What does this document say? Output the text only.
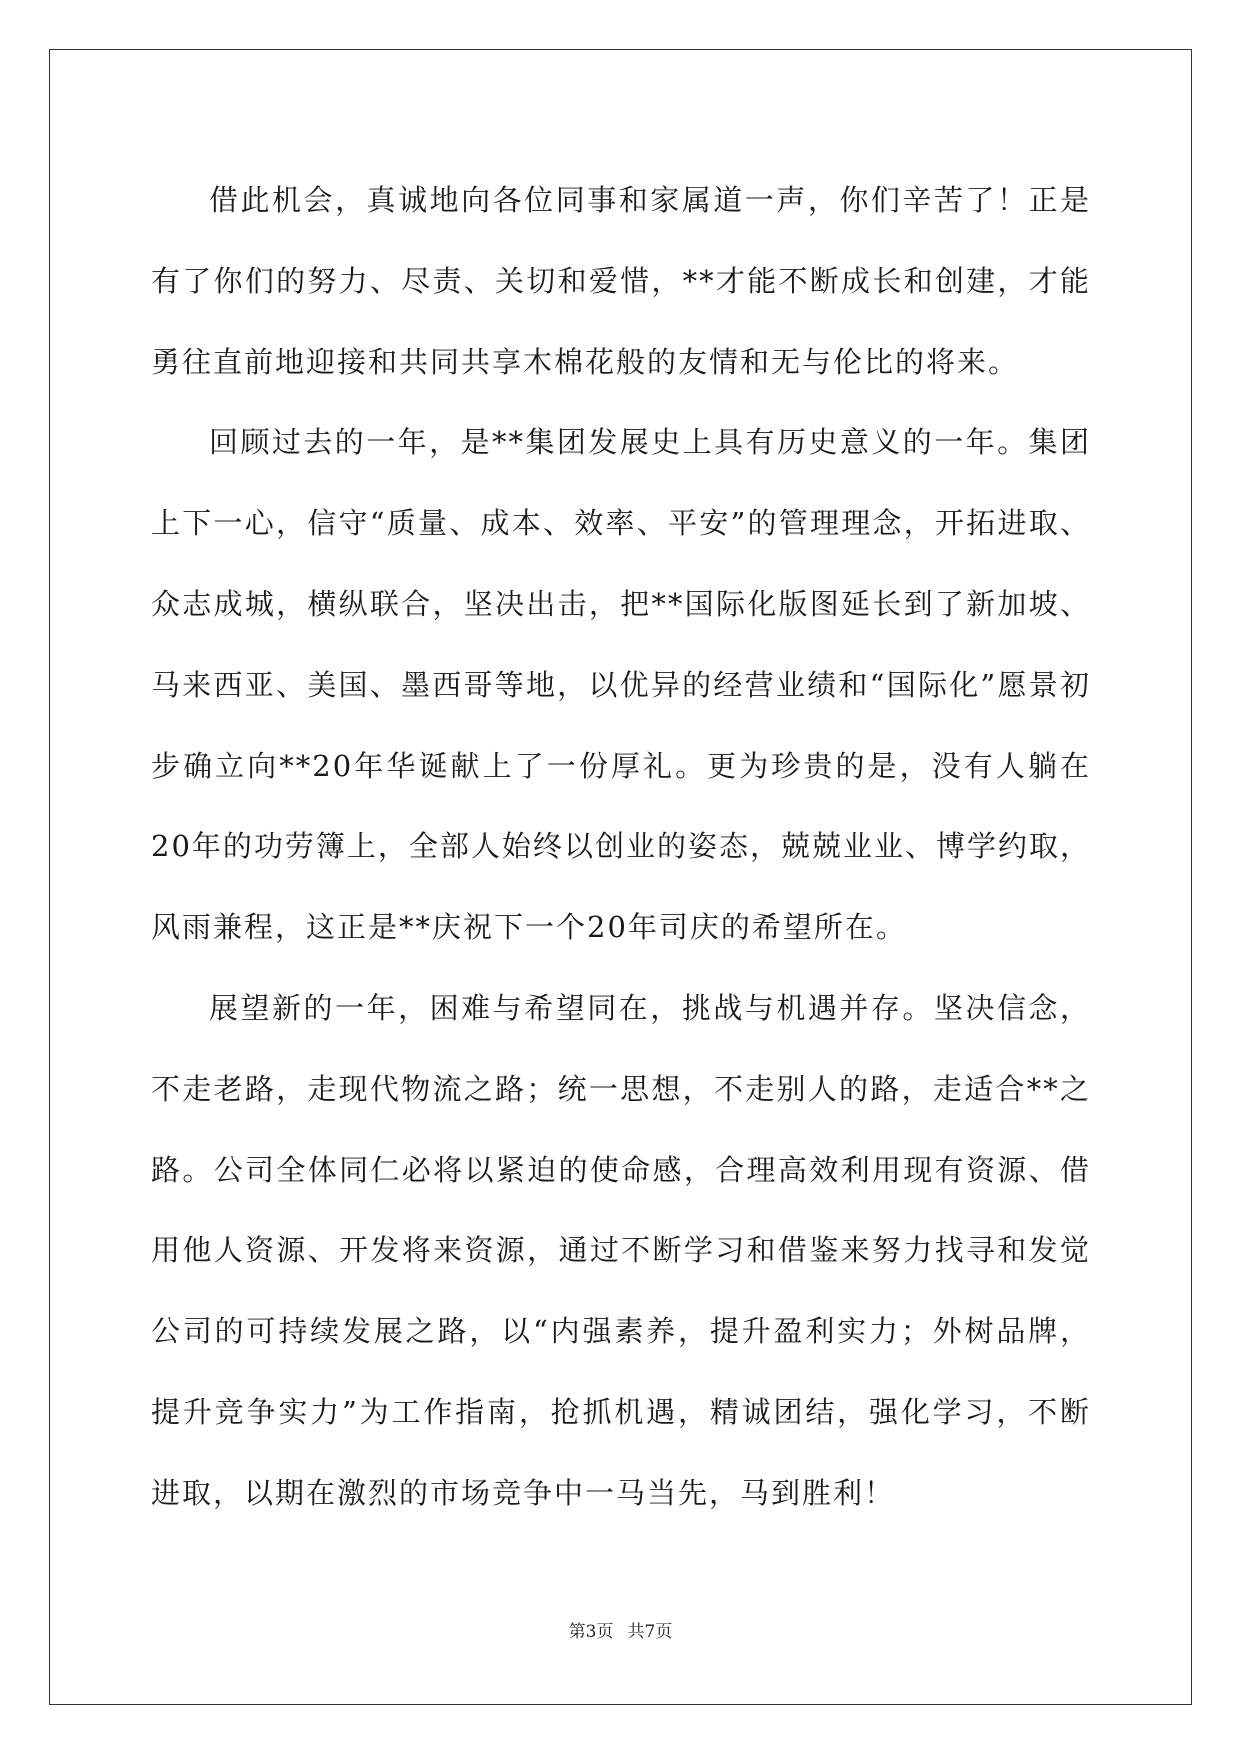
借此机会，真诚地向各位同事和家属道一声，你们辛苦了！正是有了你们的努力、尽责、关切和爱惜，**才能不断成长和创建，才能勇往直前地迎接和共同共享木棉花般的友情和无与伦比的将来。

回顾过去的一年，是**集团发展史上具有历史意义的一年。集团上下一心，信守“质量、成本、效率、平安”的管理理念，开拓进取、众志成城，横纵联合，坚决出击，把**国际化版图延长到了新加坡、马来西亚、美国、墨西哥等地，以优异的经营业绩和“国际化”愿景初步确立向**20年华诞献上了一份厚礼。更为珍贵的是，没有人躺在20年的功劳簿上，全部人始终以创业的姿态，兢兢业业、博学约取，风雨兼程，这正是**庆祝下一个20年司庆的希望所在。

展望新的一年，困难与希望同在，挑战与机遇并存。坚决信念，不走老路，走现代物流之路；统一思想，不走别人的路，走适合**之路。公司全体同仁必将以紧迫的使命感，合理高效利用现有资源、借用他人资源、开发将来资源，通过不断学习和借鉴来努力找寻和发觉公司的可持续发展之路，以“内强素养，提升盈利实力；外树品牌，提升竞争实力”为工作指南，抢抓机遇，精诚团结，强化学习，不断进取，以期在激烈的市场竞争中一马当先，马到胜利！

第3页 共7页
